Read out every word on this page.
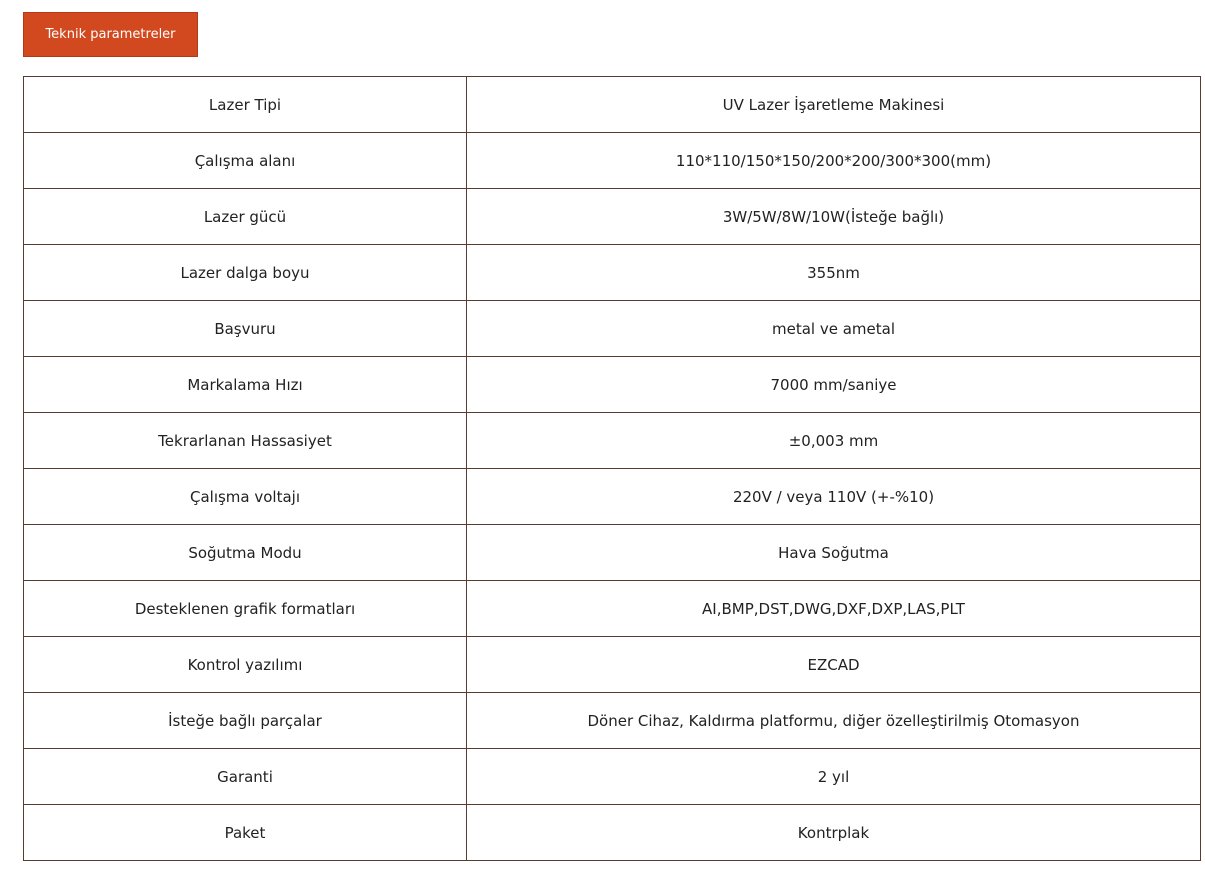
Teknik parametreler
Lazer Tipi	UV Lazer İşaretleme Makinesi
Çalışma alanı	110*110/150*150/200*200/300*300(mm)
Lazer gücü	3W/5W/8W/10W(İsteğe bağlı)
Lazer dalga boyu	355nm
Başvuru	metal ve ametal
Markalama Hızı	7000 mm/saniye
Tekrarlanan Hassasiyet	±0,003 mm
Çalışma voltajı	220V / veya 110V (+-%10)
Soğutma Modu	Hava Soğutma
Desteklenen grafik formatları	AI,BMP,DST,DWG,DXF,DXP,LAS,PLT
Kontrol yazılımı	EZCAD
İsteğe bağlı parçalar	Döner Cihaz, Kaldırma platformu, diğer özelleştirilmiş Otomasyon
Garanti	2 yıl
Paket	Kontrplak
